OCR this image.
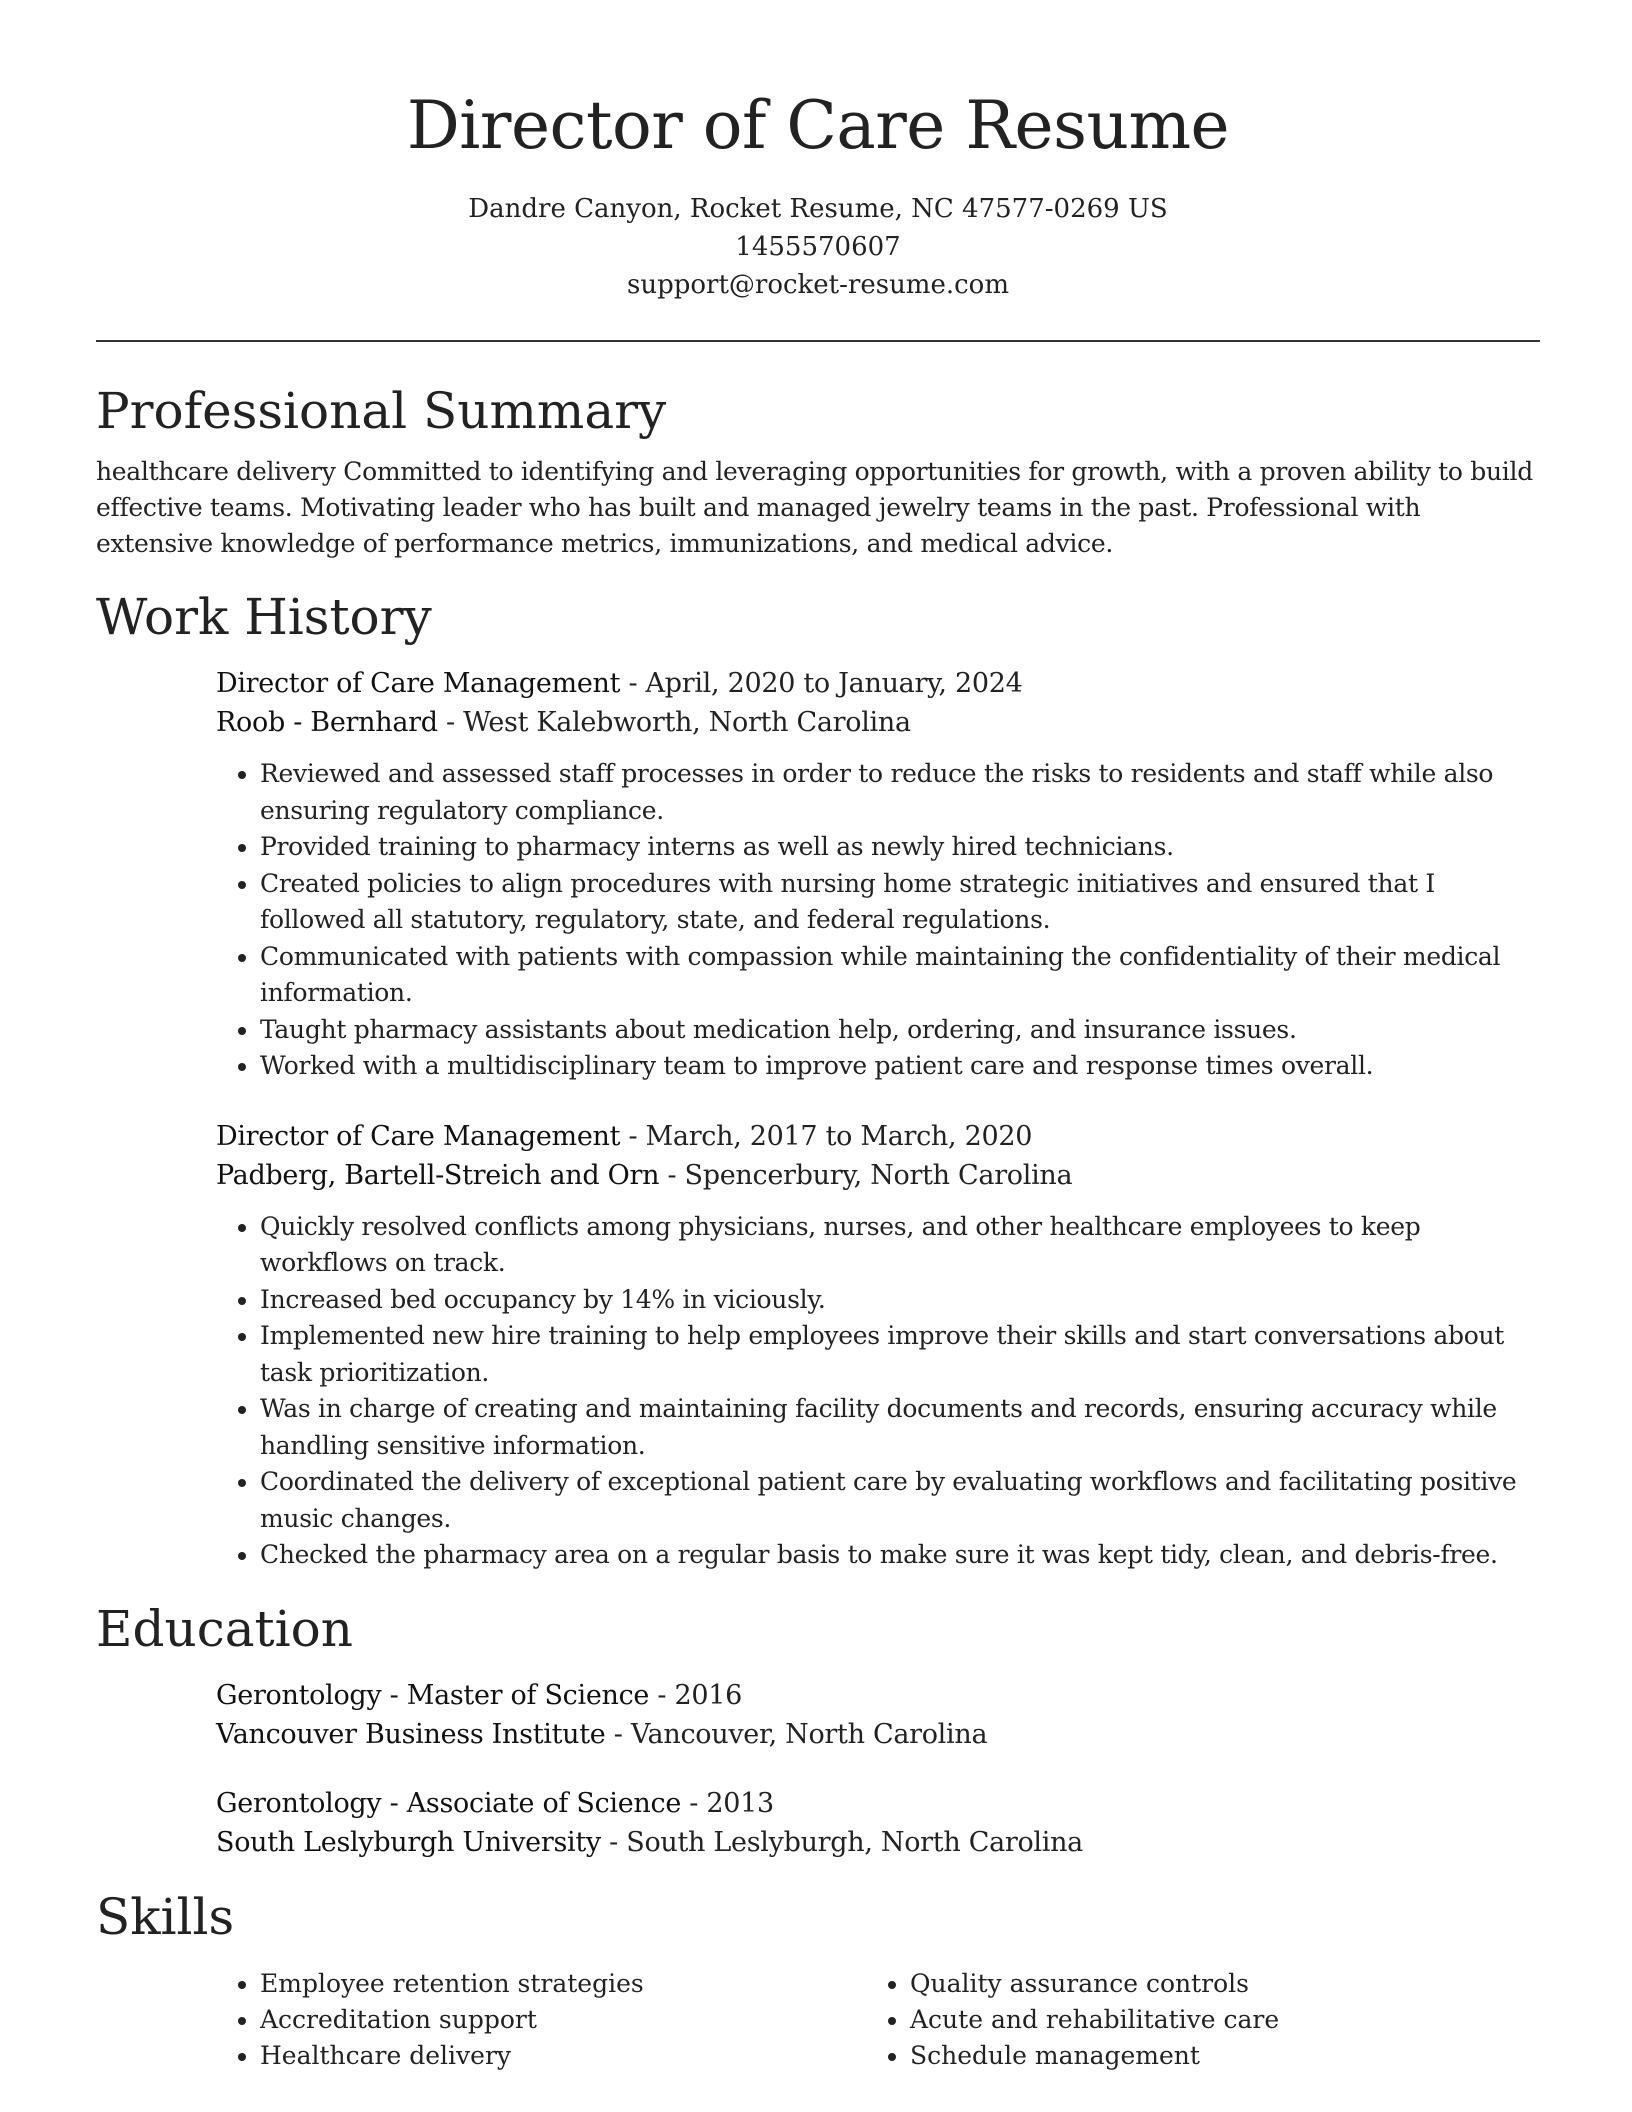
Director of Care Resume
Dandre Canyon, Rocket Resume, NC 47577-0269 US
1455570607
support@rocket-resume.com
Professional Summary

healthcare delivery Committed to identifying and leveraging opportunities for growth, with a proven ability to build effective teams. Motivating leader who has built and managed jewelry teams in the past. Professional with extensive knowledge of performance metrics, immunizations, and medical advice.

Work History
Director of Care Management - April, 2020 to January, 2024
Roob - Bernhard - West Kalebworth, North Carolina
• Reviewed and assessed staff processes in order to reduce the risks to residents and staff while also ensuring regulatory compliance.
• Provided training to pharmacy interns as well as newly hired technicians.
• Created policies to align procedures with nursing home strategic initiatives and ensured that I followed all statutory, regulatory, state, and federal regulations.
• Communicated with patients with compassion while maintaining the confidentiality of their medical information.
• Taught pharmacy assistants about medication help, ordering, and insurance issues.
• Worked with a multidisciplinary team to improve patient care and response times overall.
Director of Care Management - March, 2017 to March, 2020
Padberg, Bartell-Streich and Orn - Spencerbury, North Carolina
• Quickly resolved conflicts among physicians, nurses, and other healthcare employees to keep workflows on track.
• Increased bed occupancy by 14% in viciously.
• Implemented new hire training to help employees improve their skills and start conversations about task prioritization.
• Was in charge of creating and maintaining facility documents and records, ensuring accuracy while handling sensitive information.
• Coordinated the delivery of exceptional patient care by evaluating workflows and facilitating positive music changes.
• Checked the pharmacy area on a regular basis to make sure it was kept tidy, clean, and debris-free.
Education
Gerontology - Master of Science - 2016
Vancouver Business Institute - Vancouver, North Carolina
Gerontology - Associate of Science - 2013
South Leslyburgh University - South Leslyburgh, North Carolina
Skills
• Employee retention strategies
• Accreditation support
• Healthcare delivery
• Quality assurance controls
• Acute and rehabilitative care
• Schedule management
